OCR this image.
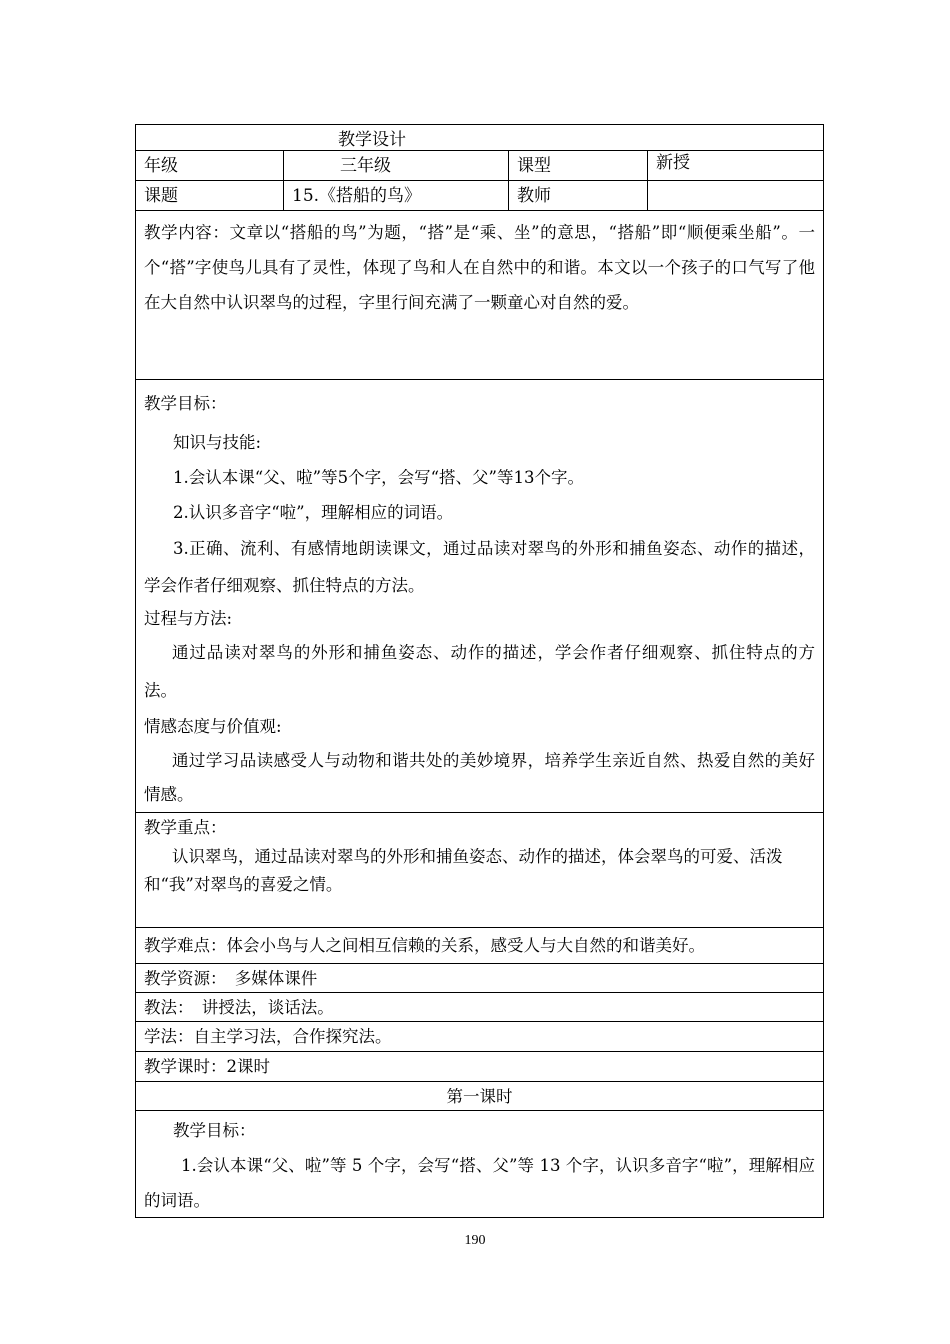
教学设计
年级	三年级	课型	新授
课题	15.《搭船的鸟》	教师
教学内容：文章以“搭船的鸟”为题，“搭”是“乘、坐”的意思，“搭船”即“顺便乘坐船”。一个“搭”字使鸟儿具有了灵性，体现了鸟和人在自然中的和谐。本文以一个孩子的口气写了他在大自然中认识翠鸟的过程，字里行间充满了一颗童心对自然的爱。
教学目标：
知识与技能:
1.会认本课“父、啦”等5个字，会写“搭、父”等13个字。
2.认识多音字“啦”，理解相应的词语。
3.正确、流利、有感情地朗读课文，通过品读对翠鸟的外形和捕鱼姿态、动作的描述，学会作者仔细观察、抓住特点的方法。
过程与方法:
通过品读对翠鸟的外形和捕鱼姿态、动作的描述，学会作者仔细观察、抓住特点的方法。
情感态度与价值观:
通过学习品读感受人与动物和谐共处的美妙境界，培养学生亲近自然、热爱自然的美好情感。
教学重点：
认识翠鸟，通过品读对翠鸟的外形和捕鱼姿态、动作的描述，体会翠鸟的可爱、活泼和“我”对翠鸟的喜爱之情。
教学难点：体会小鸟与人之间相互信赖的关系，感受人与大自然的和谐美好。
教学资源：　多媒体课件
教法：　讲授法，谈话法。
学法：自主学习法，合作探究法。
教学课时：2课时
第一课时
教学目标：
1.会认本课“父、啦”等 5 个字，会写“搭、父”等 13 个字，认识多音字“啦”，理解相应的词语。
190
